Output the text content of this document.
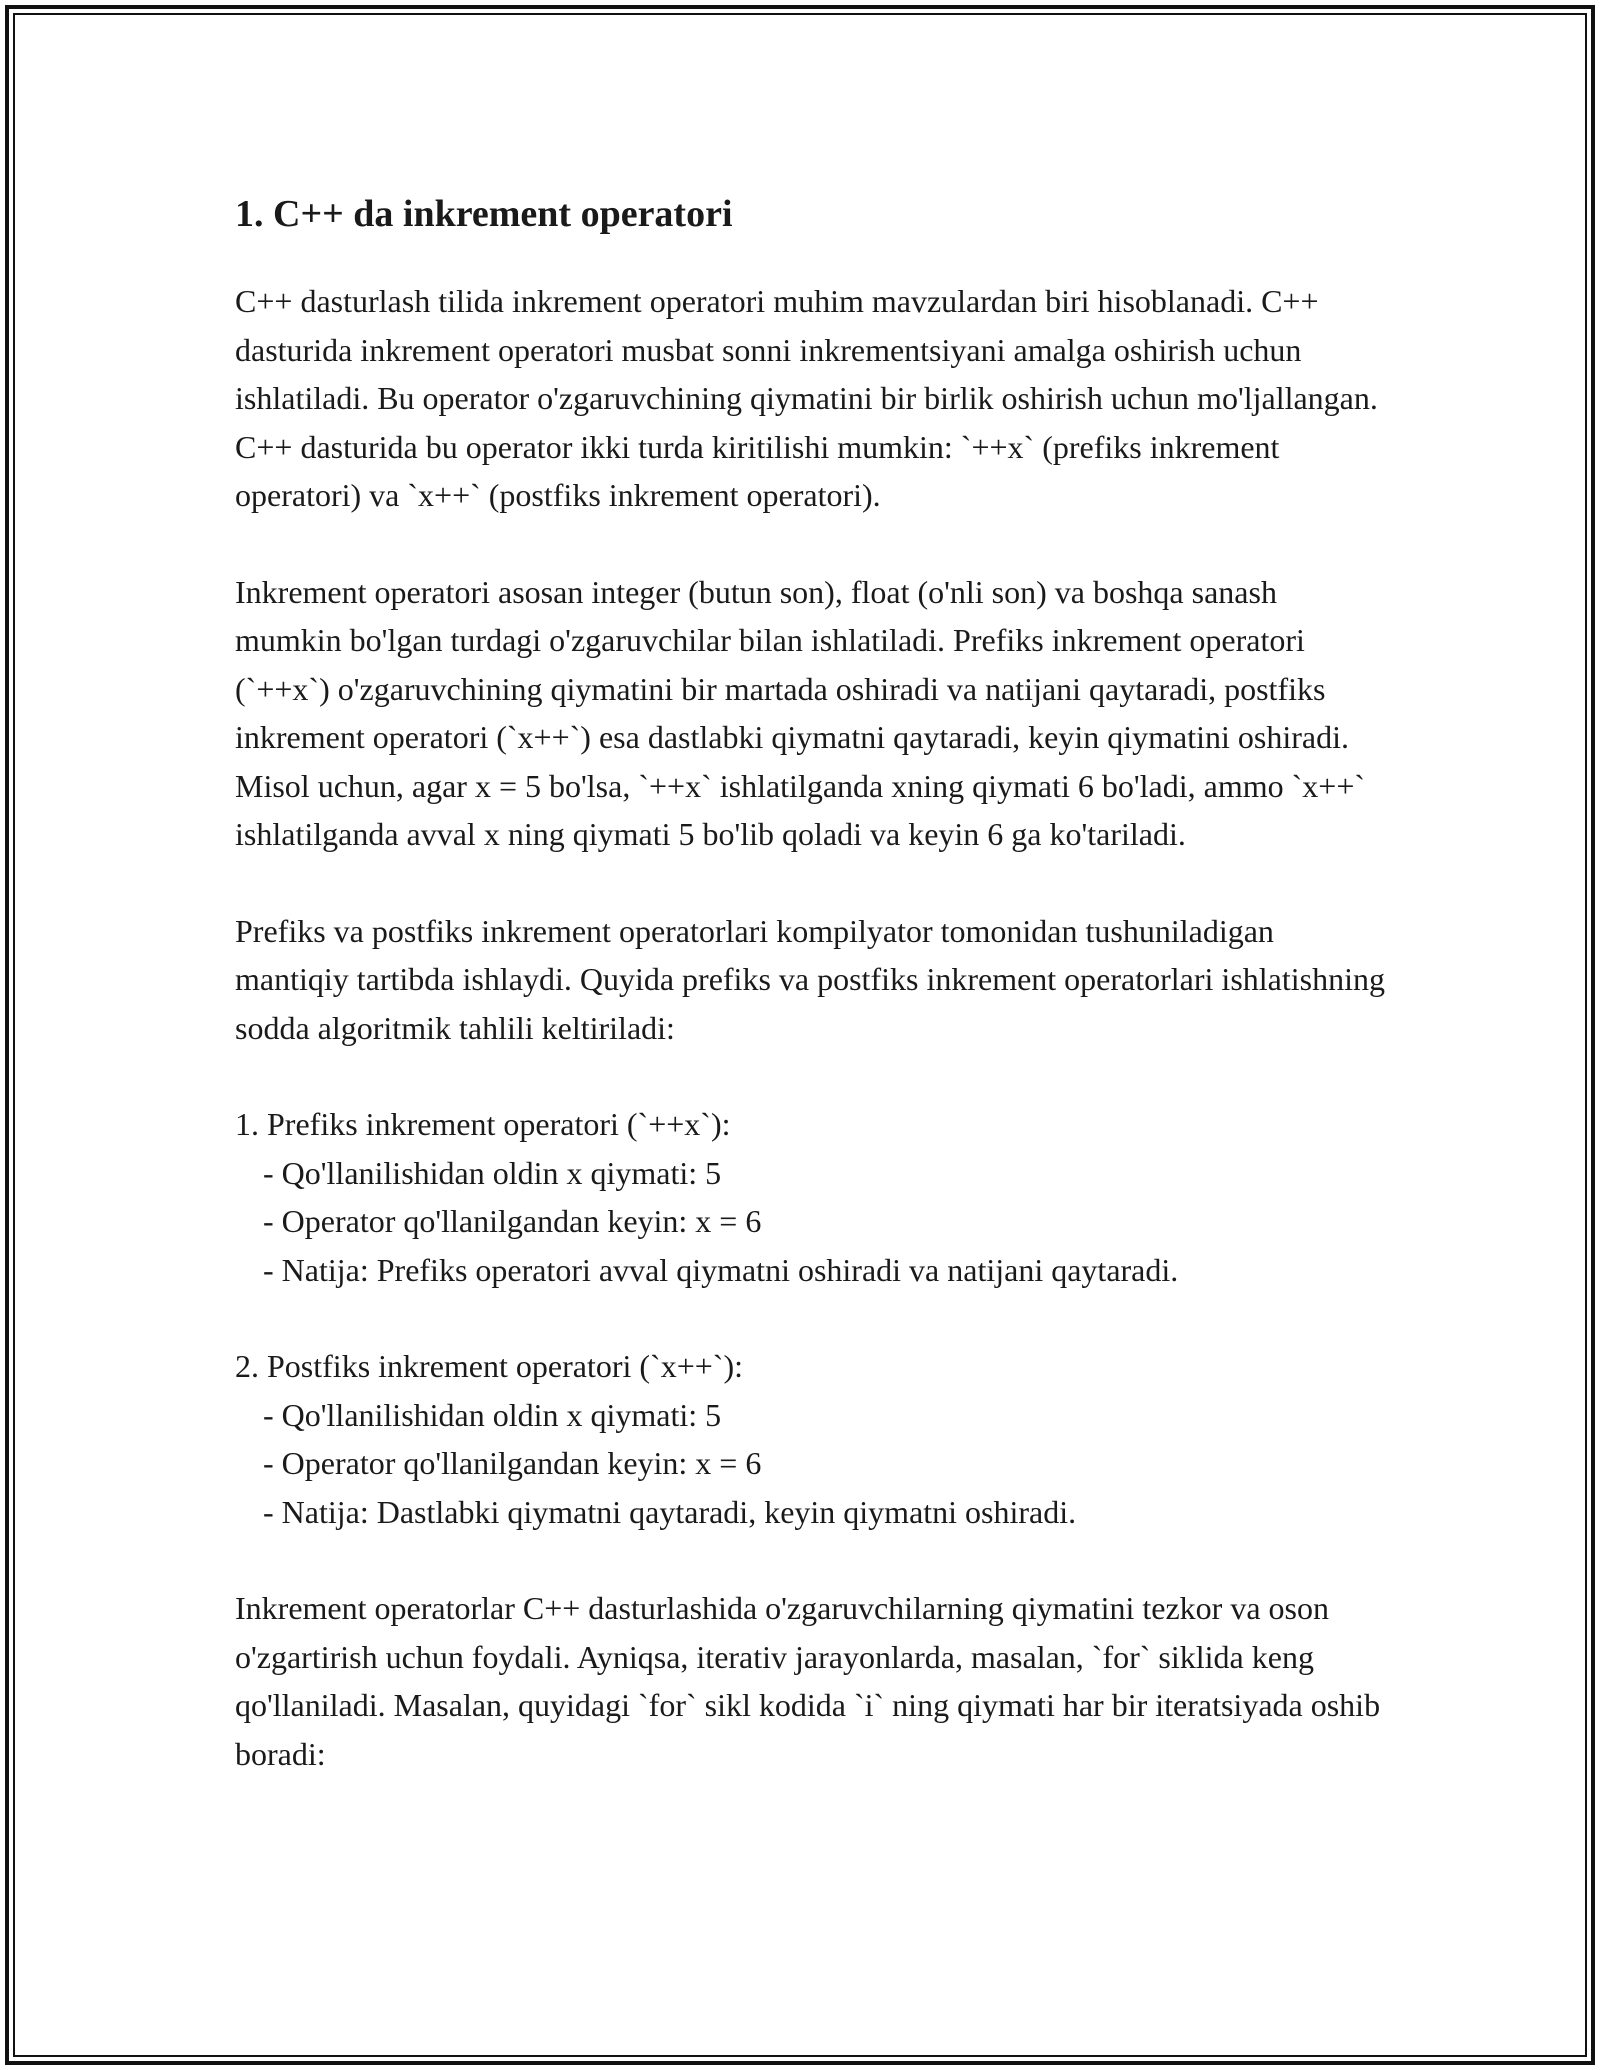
1. C++ da inkrement operatori

C++ dasturlash tilida inkrement operatori muhim mavzulardan biri hisoblanadi. C++ dasturida inkrement operatori musbat sonni inkrementsiyani amalga oshirish uchun ishlatiladi. Bu operator o'zgaruvchining qiymatini bir birlik oshirish uchun mo'ljallangan. C++ dasturida bu operator ikki turda kiritilishi mumkin: `++x` (prefiks inkrement operatori) va `x++` (postfiks inkrement operatori).

Inkrement operatori asosan integer (butun son), float (o'nli son) va boshqa sanash mumkin bo'lgan turdagi o'zgaruvchilar bilan ishlatiladi. Prefiks inkrement operatori (`++x`) o'zgaruvchining qiymatini bir martada oshiradi va natijani qaytaradi, postfiks inkrement operatori (`x++`) esa dastlabki qiymatni qaytaradi, keyin qiymatini oshiradi. Misol uchun, agar x = 5 bo'lsa, `++x` ishlatilganda xning qiymati 6 bo'ladi, ammo `x++` ishlatilganda avval x ning qiymati 5 bo'lib qoladi va keyin 6 ga ko'tariladi.

Prefiks va postfiks inkrement operatorlari kompilyator tomonidan tushuniladigan mantiqiy tartibda ishlaydi. Quyida prefiks va postfiks inkrement operatorlari ishlatishning sodda algoritmik tahlili keltiriladi:

1. Prefiks inkrement operatori (`++x`):
- Qo'llanilishidan oldin x qiymati: 5
- Operator qo'llanilgandan keyin: x = 6
- Natija: Prefiks operatori avval qiymatni oshiradi va natijani qaytaradi.
2. Postfiks inkrement operatori (`x++`):
- Qo'llanilishidan oldin x qiymati: 5
- Operator qo'llanilgandan keyin: x = 6
- Natija: Dastlabki qiymatni qaytaradi, keyin qiymatni oshiradi.

Inkrement operatorlar C++ dasturlashida o'zgaruvchilarning qiymatini tezkor va oson o'zgartirish uchun foydali. Ayniqsa, iterativ jarayonlarda, masalan, `for` siklida keng qo'llaniladi. Masalan, quyidagi `for` sikl kodida `i` ning qiymati har bir iteratsiyada oshib boradi:
